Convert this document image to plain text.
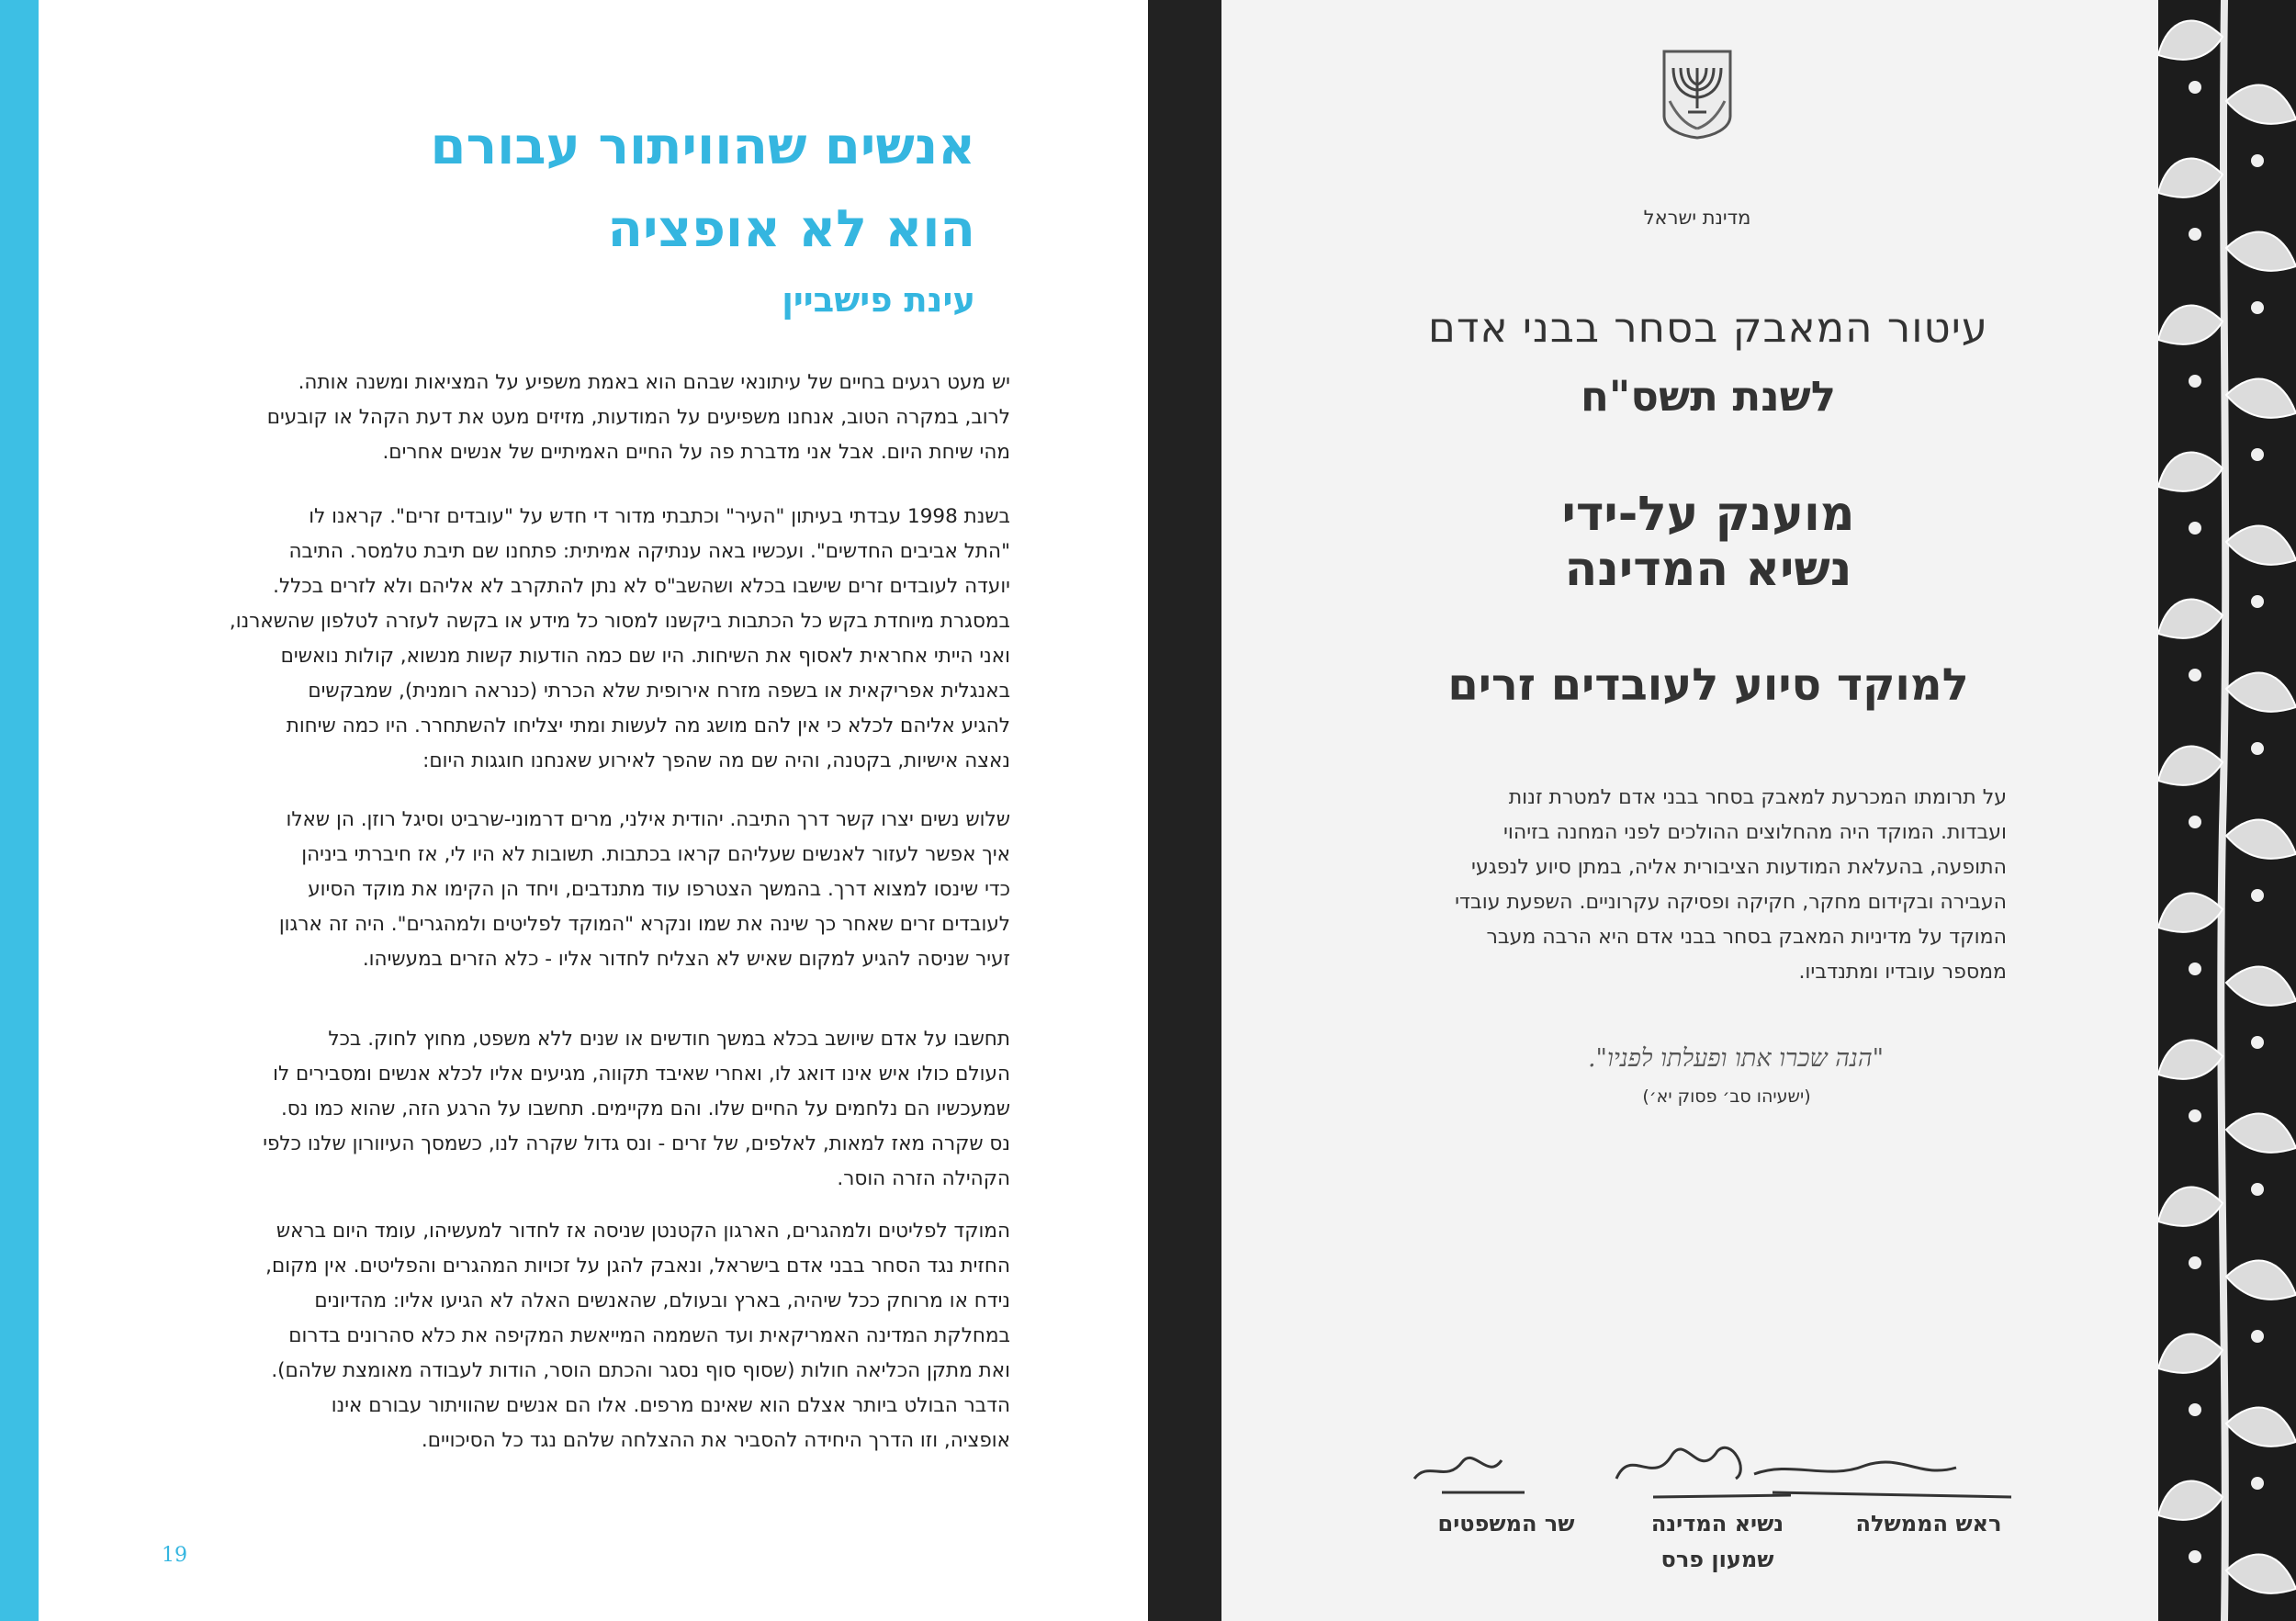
אנשים שהוויתור עבורם
הוא לא אופציה
עינת פישביין
יש מעט רגעים בחיים של עיתונאי שבהם הוא באמת משפיע על המציאות ומשנה אותה.
לרוב, במקרה הטוב, אנחנו משפיעים על המודעות, מזיזים מעט את דעת הקהל או קובעים
מהי שיחת היום. אבל אני מדברת פה על החיים האמיתיים של אנשים אחרים.
בשנת 1998 עבדתי בעיתון "העיר" וכתבתי מדור די חדש על "עובדים זרים". קראנו לו
"התל אביבים החדשים". ועכשיו באה ענתיקה אמיתית: פתחנו שם תיבת טלמסר. התיבה
יועדה לעובדים זרים שישבו בכלא ושהשב"ס לא נתן להתקרב לא אליהם ולא לזרים בכלל.
במסגרת מיוחדת בקש כל הכתבות ביקשנו למסור כל מידע או בקשה לעזרה לטלפון שהשארנו,
ואני הייתי אחראית לאסוף את השיחות. היו שם כמה הודעות קשות מנשוא, קולות נואשים
באנגלית אפריקאית או בשפה מזרח אירופית שלא הכרתי (כנראה רומנית), שמבקשים
להגיע אליהם לכלא כי אין להם מושג מה לעשות ומתי יצליחו להשתחרר. היו כמה שיחות
נאצה אישיות, בקטנה, והיה שם מה שהפך לאירוע שאנחנו חוגגות היום:
שלוש נשים יצרו קשר דרך התיבה. יהודית אילני, מרים דרמוני-שרביט וסיגל רוזן. הן שאלו
איך אפשר לעזור לאנשים שעליהם קראו בכתבות. תשובות לא היו לי, אז חיברתי ביניהן
כדי שינסו למצוא דרך. בהמשך הצטרפו עוד מתנדבים, ויחד הן הקימו את מוקד הסיוע
לעובדים זרים שאחר כך שינה את שמו ונקרא "המוקד לפליטים ולמהגרים". היה זה ארגון
זעיר שניסה להגיע למקום שאיש לא הצליח לחדור אליו - כלא הזרים במעשיהו.
תחשבו על אדם שיושב בכלא במשך חודשים או שנים ללא משפט, מחוץ לחוק. בכל
העולם כולו איש אינו דואג לו, ואחרי שאיבד תקווה, מגיעים אליו לכלא אנשים ומסבירים לו
שמעכשיו הם נלחמים על החיים שלו. והם מקיימים. תחשבו על הרגע הזה, שהוא כמו נס.
נס שקרה מאז למאות, לאלפים, של זרים - ונס גדול שקרה לנו, כשמסך העיוורון שלנו כלפי
הקהילה הזרה הוסר.
המוקד לפליטים ולמהגרים, הארגון הקטנטן שניסה אז לחדור למעשיהו, עומד היום בראש
החזית נגד הסחר בבני אדם בישראל, ונאבק להגן על זכויות המהגרים והפליטים. אין מקום,
נידח או מרוחק ככל שיהיה, בארץ ובעולם, שהאנשים האלה לא הגיעו אליו: מהדיונים
במחלקת המדינה האמריקאית ועד השממה המייאשת המקיפה את כלא סהרונים בדרום
ואת מתקן הכליאה חולות (שסוף סוף נסגר והכתם הוסר, הודות לעבודה מאומצת שלהם).
הדבר הבולט ביותר אצלם הוא שאינם מרפים. אלו הם אנשים שהוויתור עבורם אינו
אופציה, וזו הדרך היחידה להסביר את ההצלחה שלהם נגד כל הסיכויים.
19
מדינת ישראל
עיטור המאבק בסחר בבני אדם
לשנת תשס"ח
מוענק על-ידי
נשיא המדינה
למוקד סיוע לעובדים זרים
על תרומתו המכרעת למאבק בסחר בבני אדם למטרת זנות
ועבדות. המוקד היה מהחלוצים ההולכים לפני המחנה בזיהוי
התופעה, בהעלאת המודעות הציבורית אליה, במתן סיוע לנפגעי
העבירה ובקידום מחקר, חקיקה ופסיקה עקרוניים. השפעת עובדי
המוקד על מדיניות המאבק בסחר בבני אדם היא הרבה מעבר
ממספר עובדיו ומתנדביו.
"הנה שכרו אתו ופעלתו לפניו".
(ישעיהו סב׳ פסוק יא׳)
שר המשפטים	נשיא המדינה
שמעון פרס
ראש הממשלה
